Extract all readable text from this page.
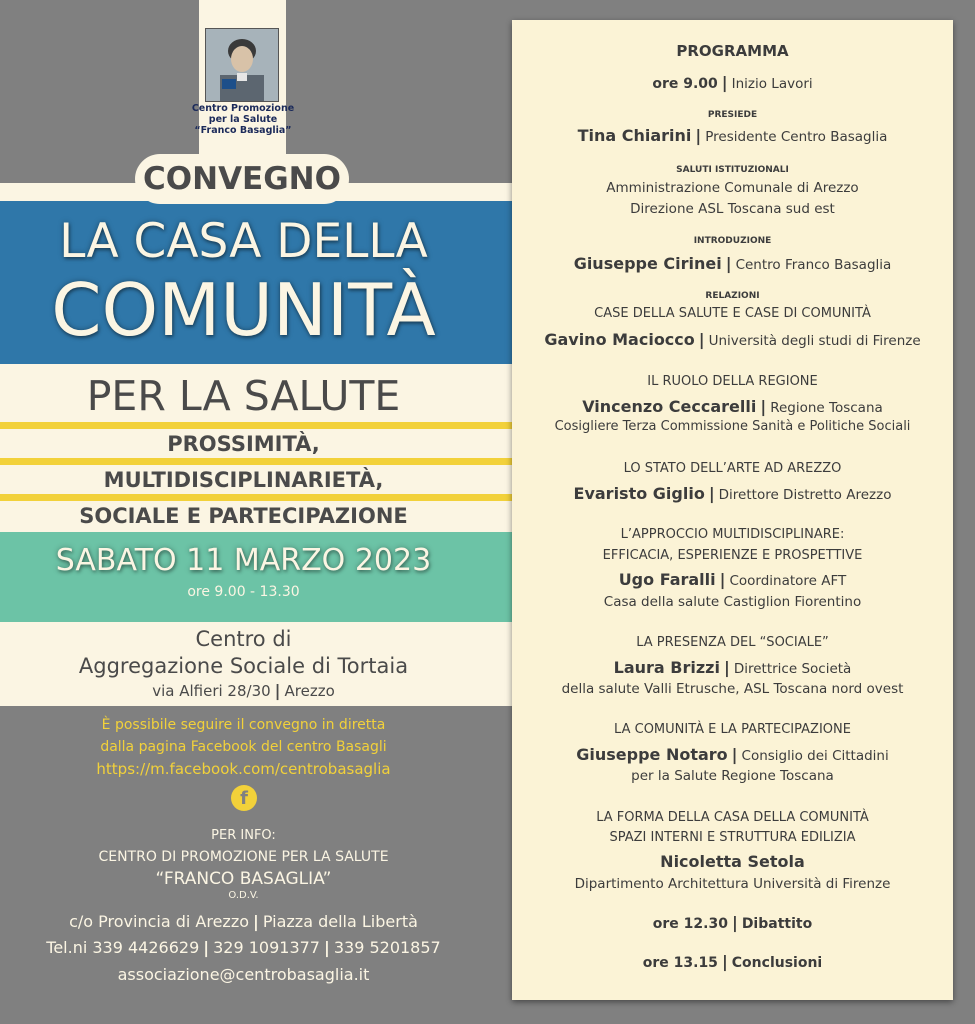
Centro Promozione
per la Salute
“Franco Basaglia”
CONVEGNO
LA CASA DELLA
COMUNITÀ
PER LA SALUTE
PROSSIMITÀ,
MULTIDISCIPLINARIETÀ,
SOCIALE E PARTECIPAZIONE
SABATO 11 MARZO 2023
ore 9.00 - 13.30
Centro di
Aggregazione Sociale di Tortaia
via Alfieri 28/30 | Arezzo
È possibile seguire il convegno in diretta
dalla pagina Facebook del centro Basagli
https://m.facebook.com/centrobasaglia
f
PER INFO:
CENTRO DI PROMOZIONE PER LA SALUTE
“FRANCO BASAGLIA”
O.D.V.
c/o Provincia di Arezzo | Piazza della Libertà
Tel.ni 339 4426629 | 329 1091377 | 339 5201857
associazione@centrobasaglia.it
PROGRAMMA
ore 9.00 | Inizio Lavori
PRESIEDE
Tina Chiarini | Presidente Centro Basaglia
SALUTI ISTITUZIONALI
Amministrazione Comunale di Arezzo
Direzione ASL Toscana sud est
INTRODUZIONE
Giuseppe Cirinei | Centro Franco Basaglia
RELAZIONI
CASE DELLA SALUTE E CASE DI COMUNITÀ
Gavino Maciocco | Università degli studi di Firenze
IL RUOLO DELLA REGIONE
Vincenzo Ceccarelli | Regione Toscana
Cosigliere Terza Commissione Sanità e Politiche Sociali
LO STATO DELL’ARTE AD AREZZO
Evaristo Giglio | Direttore Distretto Arezzo
L’APPROCCIO MULTIDISCIPLINARE:
EFFICACIA, ESPERIENZE E PROSPETTIVE
Ugo Faralli | Coordinatore AFT
Casa della salute Castiglion Fiorentino
LA PRESENZA DEL “SOCIALE”
Laura Brizzi | Direttrice Società
della salute Valli Etrusche, ASL Toscana nord ovest
LA COMUNITÀ E LA PARTECIPAZIONE
Giuseppe Notaro | Consiglio dei Cittadini
per la Salute Regione Toscana
LA FORMA DELLA CASA DELLA COMUNITÀ
SPAZI INTERNI E STRUTTURA EDILIZIA
Nicoletta Setola
Dipartimento Architettura Università di Firenze
ore 12.30 | Dibattito
ore 13.15 | Conclusioni
